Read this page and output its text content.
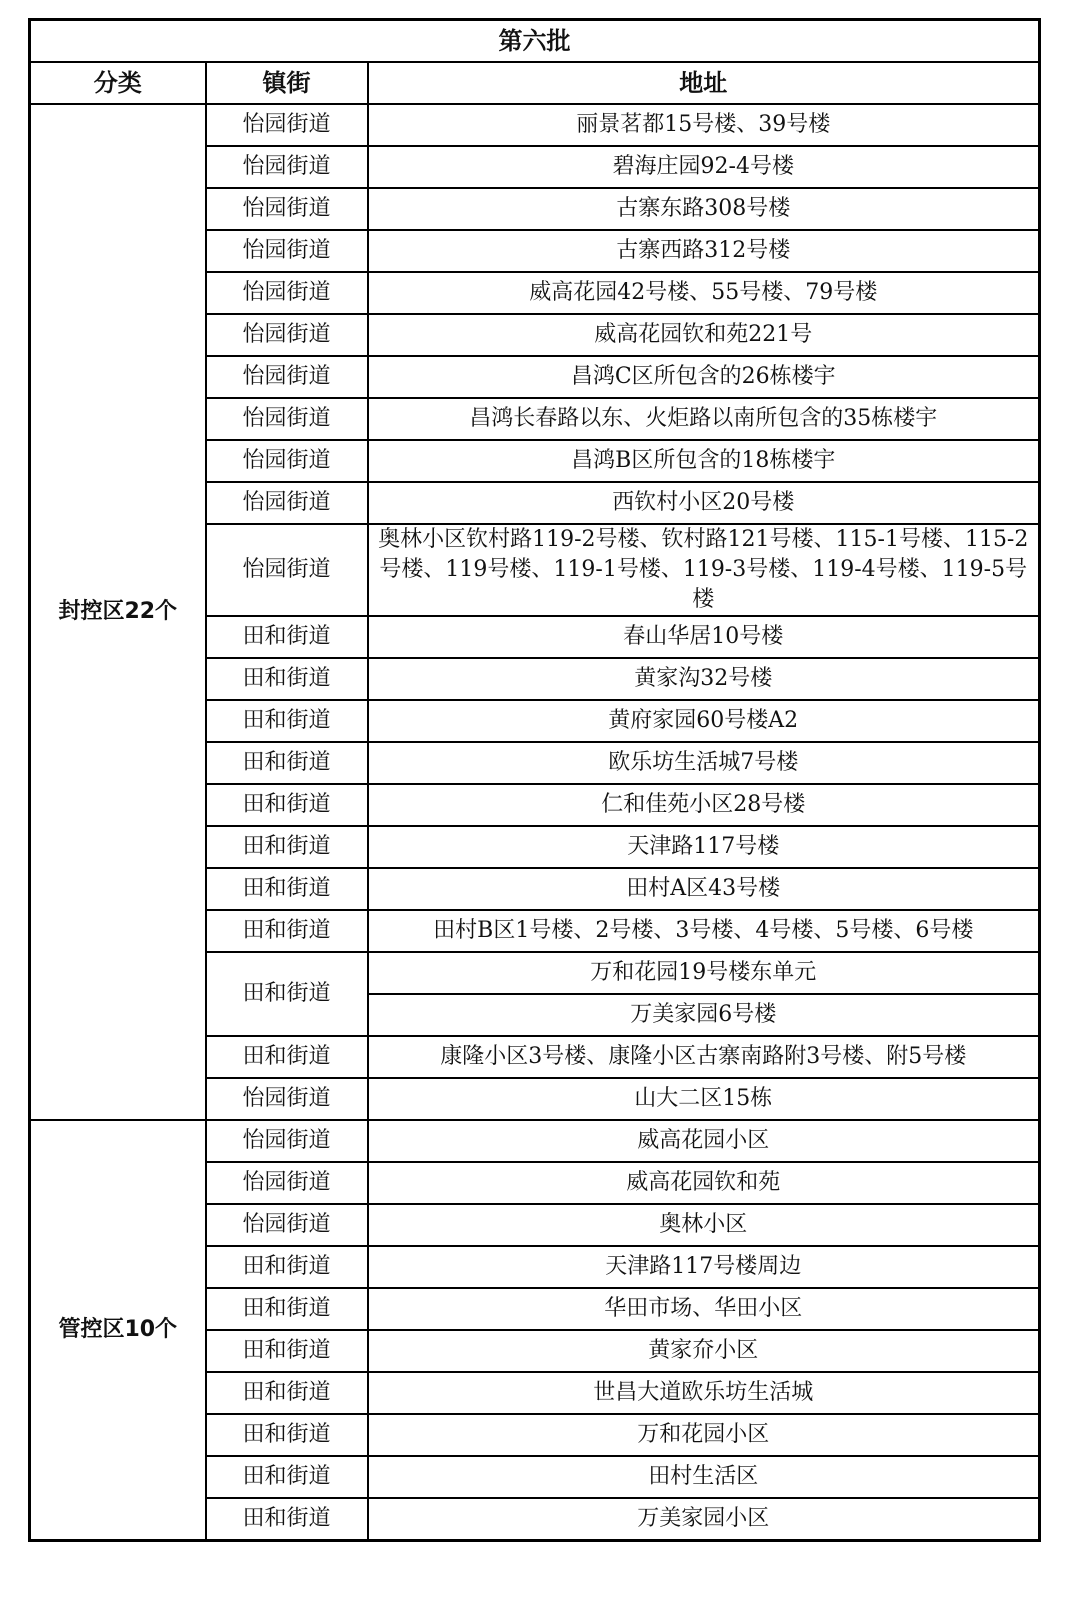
第六批		
分类	镇街	地址
封控区22个	怡园街道	丽景茗都15号楼、39号楼
	怡园街道	碧海庄园92-4号楼
	怡园街道	古寨东路308号楼
	怡园街道	古寨西路312号楼
	怡园街道	威高花园42号楼、55号楼、79号楼
	怡园街道	威高花园钦和苑221号
	怡园街道	昌鸿C区所包含的26栋楼宇
	怡园街道	昌鸿长春路以东、火炬路以南所包含的35栋楼宇
	怡园街道	昌鸿B区所包含的18栋楼宇
	怡园街道	西钦村小区20号楼
	怡园街道	奥林小区钦村路119-2号楼、钦村路121号楼、115-1号楼、115-2号楼、119号楼、119-1号楼、119-3号楼、119-4号楼、119-5号楼
	田和街道	春山华居10号楼
	田和街道	黄家沟32号楼
	田和街道	黄府家园60号楼A2
	田和街道	欧乐坊生活城7号楼
	田和街道	仁和佳苑小区28号楼
	田和街道	天津路117号楼
	田和街道	田村A区43号楼
	田和街道	田村B区1号楼、2号楼、3号楼、4号楼、5号楼、6号楼
	田和街道	万和花园19号楼东单元
		万美家园6号楼
	田和街道	康隆小区3号楼、康隆小区古寨南路附3号楼、附5号楼
	怡园街道	山大二区15栋
管控区10个	怡园街道	威高花园小区
	怡园街道	威高花园钦和苑
	怡园街道	奥林小区
	田和街道	天津路117号楼周边
	田和街道	华田市场、华田小区
	田和街道	黄家夼小区
	田和街道	世昌大道欧乐坊生活城
	田和街道	万和花园小区
	田和街道	田村生活区
	田和街道	万美家园小区
